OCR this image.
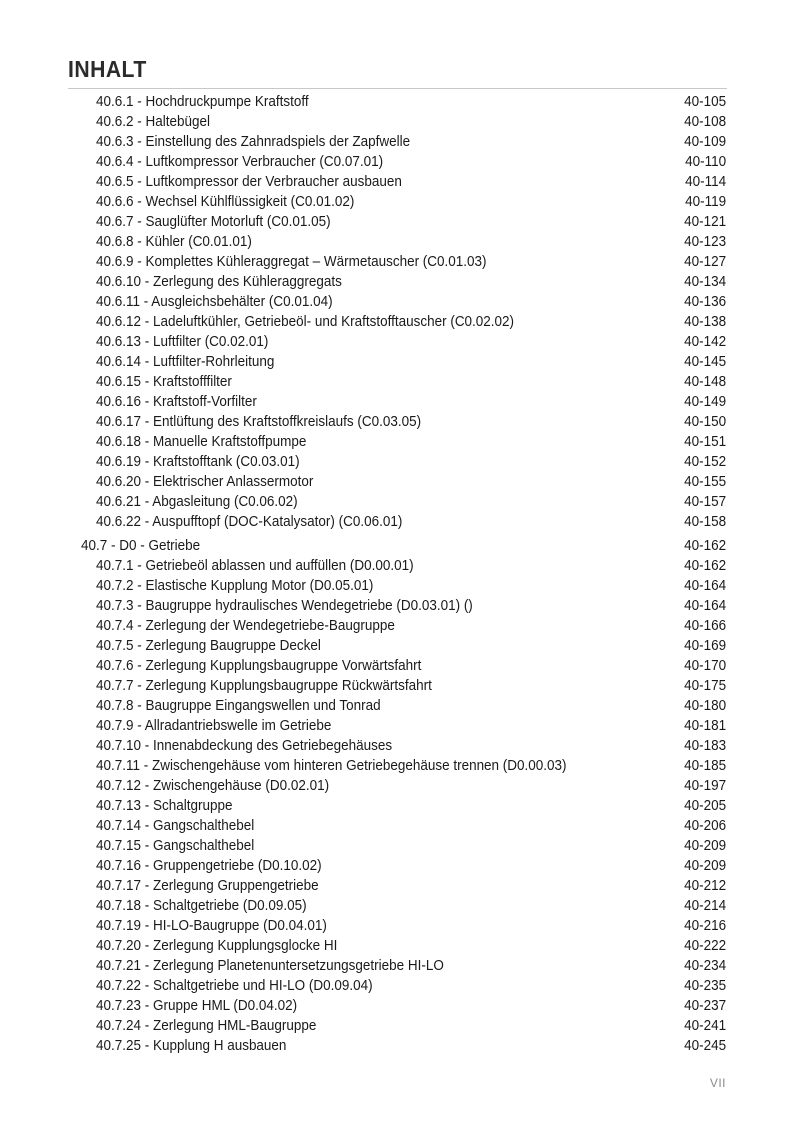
INHALT
40.6.1 - Hochdruckpumpe Kraftstoff	40-105
40.6.2 - Haltebügel	40-108
40.6.3 - Einstellung des Zahnradspiels der Zapfwelle	40-109
40.6.4 - Luftkompressor Verbraucher (C0.07.01)	40-110
40.6.5 - Luftkompressor der Verbraucher ausbauen	40-114
40.6.6 - Wechsel Kühlflüssigkeit (C0.01.02)	40-119
40.6.7 - Sauglüfter Motorluft (C0.01.05)	40-121
40.6.8 - Kühler (C0.01.01)	40-123
40.6.9 - Komplettes Kühleraggregat – Wärmetauscher (C0.01.03)	40-127
40.6.10 - Zerlegung des Kühleraggregats	40-134
40.6.11 - Ausgleichsbehälter (C0.01.04)	40-136
40.6.12 - Ladeluftkühler, Getriebeöl- und Kraftstofftauscher (C0.02.02)	40-138
40.6.13 - Luftfilter (C0.02.01)	40-142
40.6.14 - Luftfilter-Rohrleitung	40-145
40.6.15 - Kraftstofffilter	40-148
40.6.16 - Kraftstoff-Vorfilter	40-149
40.6.17 - Entlüftung des Kraftstoffkreislaufs (C0.03.05)	40-150
40.6.18 - Manuelle Kraftstoffpumpe	40-151
40.6.19 - Kraftstofftank (C0.03.01)	40-152
40.6.20 - Elektrischer Anlassermotor	40-155
40.6.21 - Abgasleitung (C0.06.02)	40-157
40.6.22 - Auspufftopf (DOC-Katalysator) (C0.06.01)	40-158
40.7 - D0 - Getriebe	40-162
40.7.1 - Getriebeöl ablassen und auffüllen (D0.00.01)	40-162
40.7.2 - Elastische Kupplung Motor (D0.05.01)	40-164
40.7.3 - Baugruppe hydraulisches Wendegetriebe (D0.03.01) ()	40-164
40.7.4 - Zerlegung der Wendegetriebe-Baugruppe	40-166
40.7.5 - Zerlegung Baugruppe Deckel	40-169
40.7.6 - Zerlegung Kupplungsbaugruppe Vorwärtsfahrt	40-170
40.7.7 - Zerlegung Kupplungsbaugruppe Rückwärtsfahrt	40-175
40.7.8 - Baugruppe Eingangswellen und Tonrad	40-180
40.7.9 - Allradantriebswelle im Getriebe	40-181
40.7.10 - Innenabdeckung des Getriebegehäuses	40-183
40.7.11 - Zwischengehäuse vom hinteren Getriebegehäuse trennen (D0.00.03)	40-185
40.7.12 - Zwischengehäuse (D0.02.01)	40-197
40.7.13 - Schaltgruppe	40-205
40.7.14 - Gangschalthebel	40-206
40.7.15 - Gangschalthebel	40-209
40.7.16 - Gruppengetriebe (D0.10.02)	40-209
40.7.17 - Zerlegung Gruppengetriebe	40-212
40.7.18 - Schaltgetriebe (D0.09.05)	40-214
40.7.19 - HI-LO-Baugruppe (D0.04.01)	40-216
40.7.20 - Zerlegung Kupplungsglocke HI	40-222
40.7.21 - Zerlegung Planetenuntersetzungsgetriebe HI-LO	40-234
40.7.22 - Schaltgetriebe und HI-LO (D0.09.04)	40-235
40.7.23 - Gruppe HML (D0.04.02)	40-237
40.7.24 - Zerlegung HML-Baugruppe	40-241
40.7.25 - Kupplung H ausbauen	40-245
VII
